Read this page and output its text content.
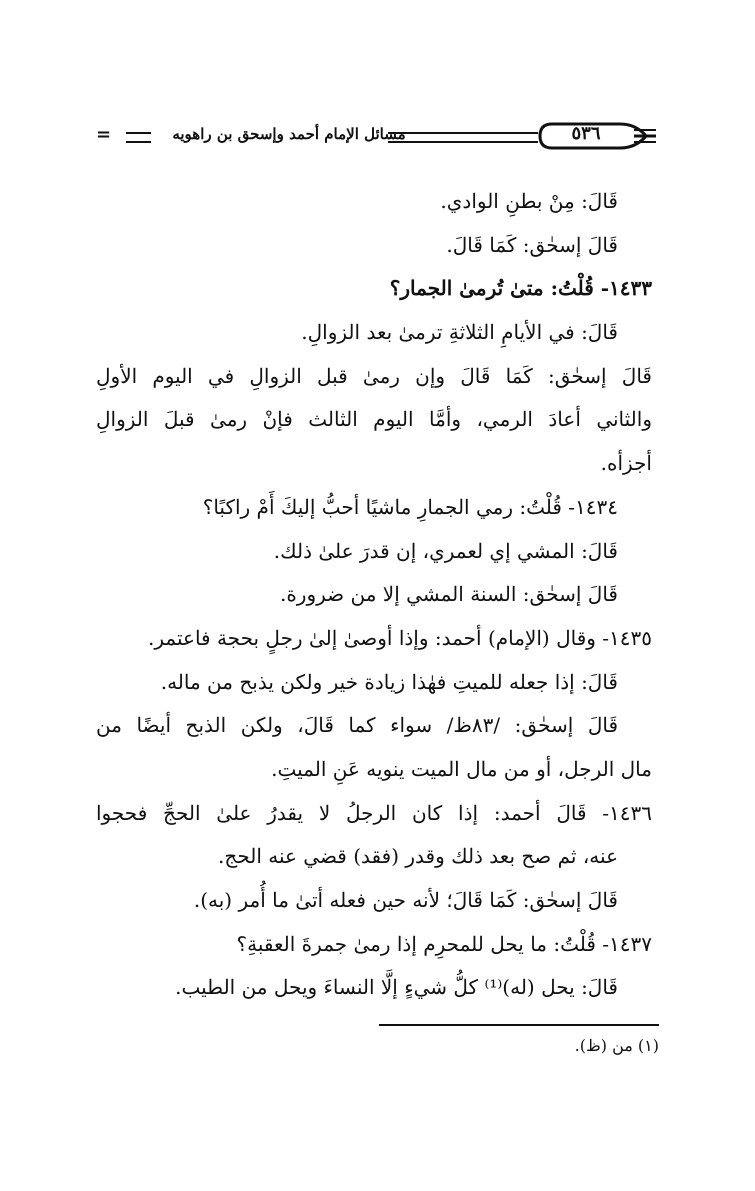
=	مسائل الإمام أحمد وإسحق بن راهويه	٥٣٦
قَالَ: مِنْ بطنِ الوادي.
قَالَ إسحٰق: كَمَا قَالَ.
١٤٣٣- قُلْتُ: متىٰ تُرمىٰ الجمار؟
قَالَ: في الأيامِ الثلاثةِ ترمىٰ بعد الزوالِ.
قَالَ إسحٰق: كَمَا قَالَ وإن رمىٰ قبل الزوالِ في اليوم الأولِ
والثاني أعادَ الرمي، وأمَّا اليوم الثالث فإنْ رمىٰ قبلَ الزوالِ
أجزأه.
١٤٣٤- قُلْتُ: رمي الجمارِ ماشيًا أحبُّ إليكَ أَمْ راكبًا؟
قَالَ: المشي إي لعمري، إن قدرَ علىٰ ذلك.
قَالَ إسحٰق: السنة المشي إلا من ضرورة.
١٤٣٥- وقال (الإمام) أحمد: وإذا أوصىٰ إلىٰ رجلٍ بحجة فاعتمر.
قَالَ: إذا جعله للميتِ فهٰذا زيادة خير ولكن يذبح من ماله.
قَالَ إسحٰق: /٨٣ظ/ سواء كما قَالَ، ولكن الذبح أيضًا من
مال الرجل، أو من مال الميت ينويه عَنِ الميتِ.
١٤٣٦- قَالَ أحمد: إذا كان الرجلُ لا يقدرُ علىٰ الحجِّ فحجوا
عنه، ثم صح بعد ذلك وقدر (فقد) قضي عنه الحج.
قَالَ إسحٰق: كَمَا قَالَ؛ لأنه حين فعله أتىٰ ما أُمر (به).
١٤٣٧- قُلْتُ: ما يحل للمحرِم إذا رمىٰ جمرةَ العقبةِ؟
قَالَ: يحل (له)⁽¹⁾ كلُّ شيءٍ إلَّا النساءَ ويحل من الطيب.
(١) من (ظ).
